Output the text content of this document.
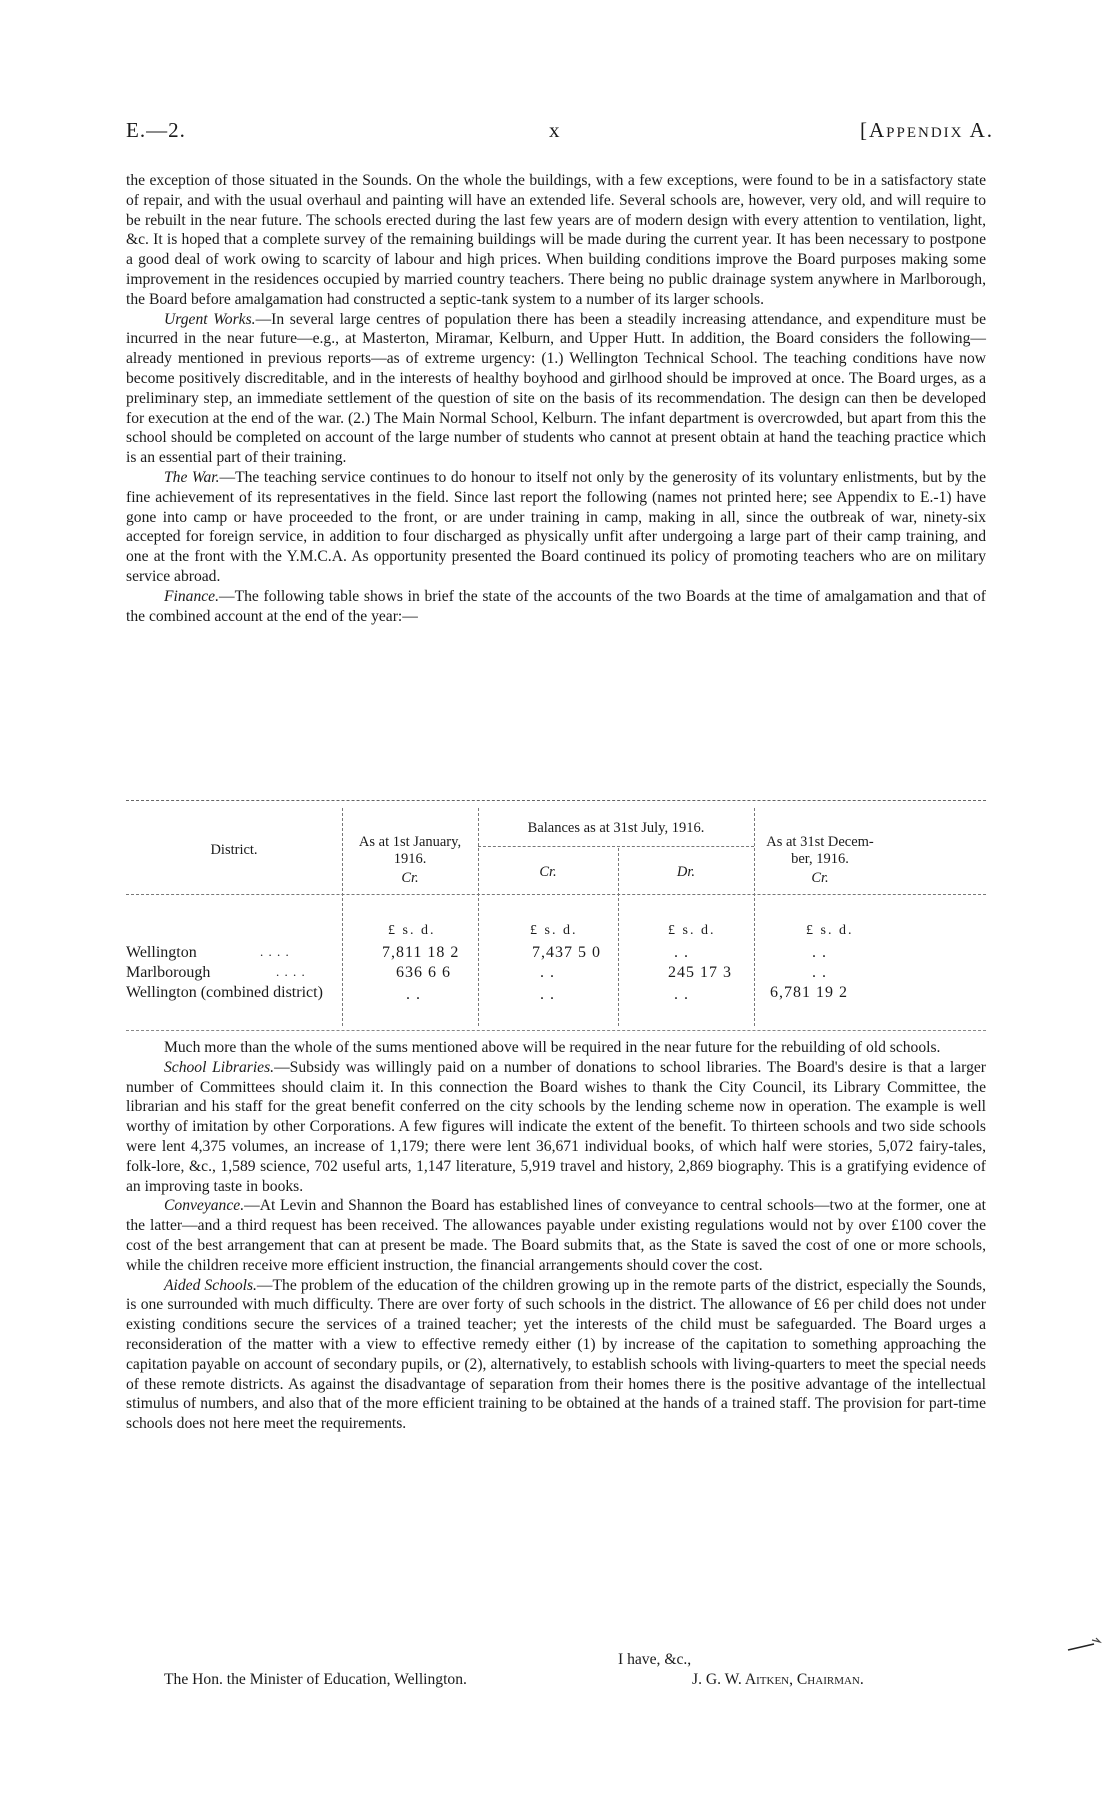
E.—2.	x	[Appendix A.

the exception of those situated in the Sounds. On the whole the buildings, with a few exceptions, were found to be in a satisfactory state of repair, and with the usual overhaul and painting will have an extended life. Several schools are, however, very old, and will require to be rebuilt in the near future. The schools erected during the last few years are of modern design with every attention to ventilation, light, &c. It is hoped that a complete survey of the remaining buildings will be made during the current year. It has been necessary to postpone a good deal of work owing to scarcity of labour and high prices. When building conditions improve the Board purposes making some improvement in the residences occupied by married country teachers. There being no public drainage system anywhere in Marlborough, the Board before amalgamation had constructed a septic-tank system to a number of its larger schools.

Urgent Works.—In several large centres of population there has been a steadily increasing attendance, and expenditure must be incurred in the near future—e.g., at Masterton, Miramar, Kelburn, and Upper Hutt. In addition, the Board considers the following—already mentioned in previous reports—as of extreme urgency: (1.) Wellington Technical School. The teaching conditions have now become positively discreditable, and in the interests of healthy boyhood and girlhood should be improved at once. The Board urges, as a preliminary step, an immediate settlement of the question of site on the basis of its recommendation. The design can then be developed for execution at the end of the war. (2.) The Main Normal School, Kelburn. The infant department is overcrowded, but apart from this the school should be completed on account of the large number of students who cannot at present obtain at hand the teaching practice which is an essential part of their training.

The War.—The teaching service continues to do honour to itself not only by the generosity of its voluntary enlistments, but by the fine achievement of its representatives in the field. Since last report the following (names not printed here; see Appendix to E.-1) have gone into camp or have proceeded to the front, or are under training in camp, making in all, since the outbreak of war, ninety-six accepted for foreign service, in addition to four discharged as physically unfit after undergoing a large part of their camp training, and one at the front with the Y.M.C.A. As opportunity presented the Board continued its policy of promoting teachers who are on military service abroad.

Finance.—The following table shows in brief the state of the accounts of the two Boards at the time of amalgamation and that of the combined account at the end of the year:—

District.	As at 1st January,
1916.
Cr.
Balances as at 31st July, 1916.
Cr.	Dr.
As at 31st Decem-
ber, 1916.
Cr.
£ s. d.	£ s. d.	£ s. d.	£ s. d.
Wellington	. . . .	7,811 18 2	7,437 5 0	. .	. .
Marlborough	. . . .	636 6 6	. .	245 17 3	. .
Wellington (combined district)	. .	. .	. .	6,781 19 2

Much more than the whole of the sums mentioned above will be required in the near future for the rebuilding of old schools.

School Libraries.—Subsidy was willingly paid on a number of donations to school libraries. The Board's desire is that a larger number of Committees should claim it. In this connection the Board wishes to thank the City Council, its Library Committee, the librarian and his staff for the great benefit conferred on the city schools by the lending scheme now in operation. The example is well worthy of imitation by other Corporations. A few figures will indicate the extent of the benefit. To thirteen schools and two side schools were lent 4,375 volumes, an increase of 1,179; there were lent 36,671 individual books, of which half were stories, 5,072 fairy-tales, folk-lore, &c., 1,589 science, 702 useful arts, 1,147 literature, 5,919 travel and history, 2,869 biography. This is a gratifying evidence of an improving taste in books.

Conveyance.—At Levin and Shannon the Board has established lines of conveyance to central schools—two at the former, one at the latter—and a third request has been received. The allowances payable under existing regulations would not by over £100 cover the cost of the best arrangement that can at present be made. The Board submits that, as the State is saved the cost of one or more schools, while the children receive more efficient instruction, the financial arrangements should cover the cost.

Aided Schools.—The problem of the education of the children growing up in the remote parts of the district, especially the Sounds, is one surrounded with much difficulty. There are over forty of such schools in the district. The allowance of £6 per child does not under existing conditions secure the services of a trained teacher; yet the interests of the child must be safeguarded. The Board urges a reconsideration of the matter with a view to effective remedy either (1) by increase of the capitation to something approaching the capitation payable on account of secondary pupils, or (2), alternatively, to establish schools with living-quarters to meet the special needs of these remote districts. As against the disadvantage of separation from their homes there is the positive advantage of the intellectual stimulus of numbers, and also that of the more efficient training to be obtained at the hands of a trained staff. The provision for part-time schools does not here meet the requirements.

I have, &c.,
The Hon. the Minister of Education, Wellington.	J. G. W. Aitken, Chairman.
